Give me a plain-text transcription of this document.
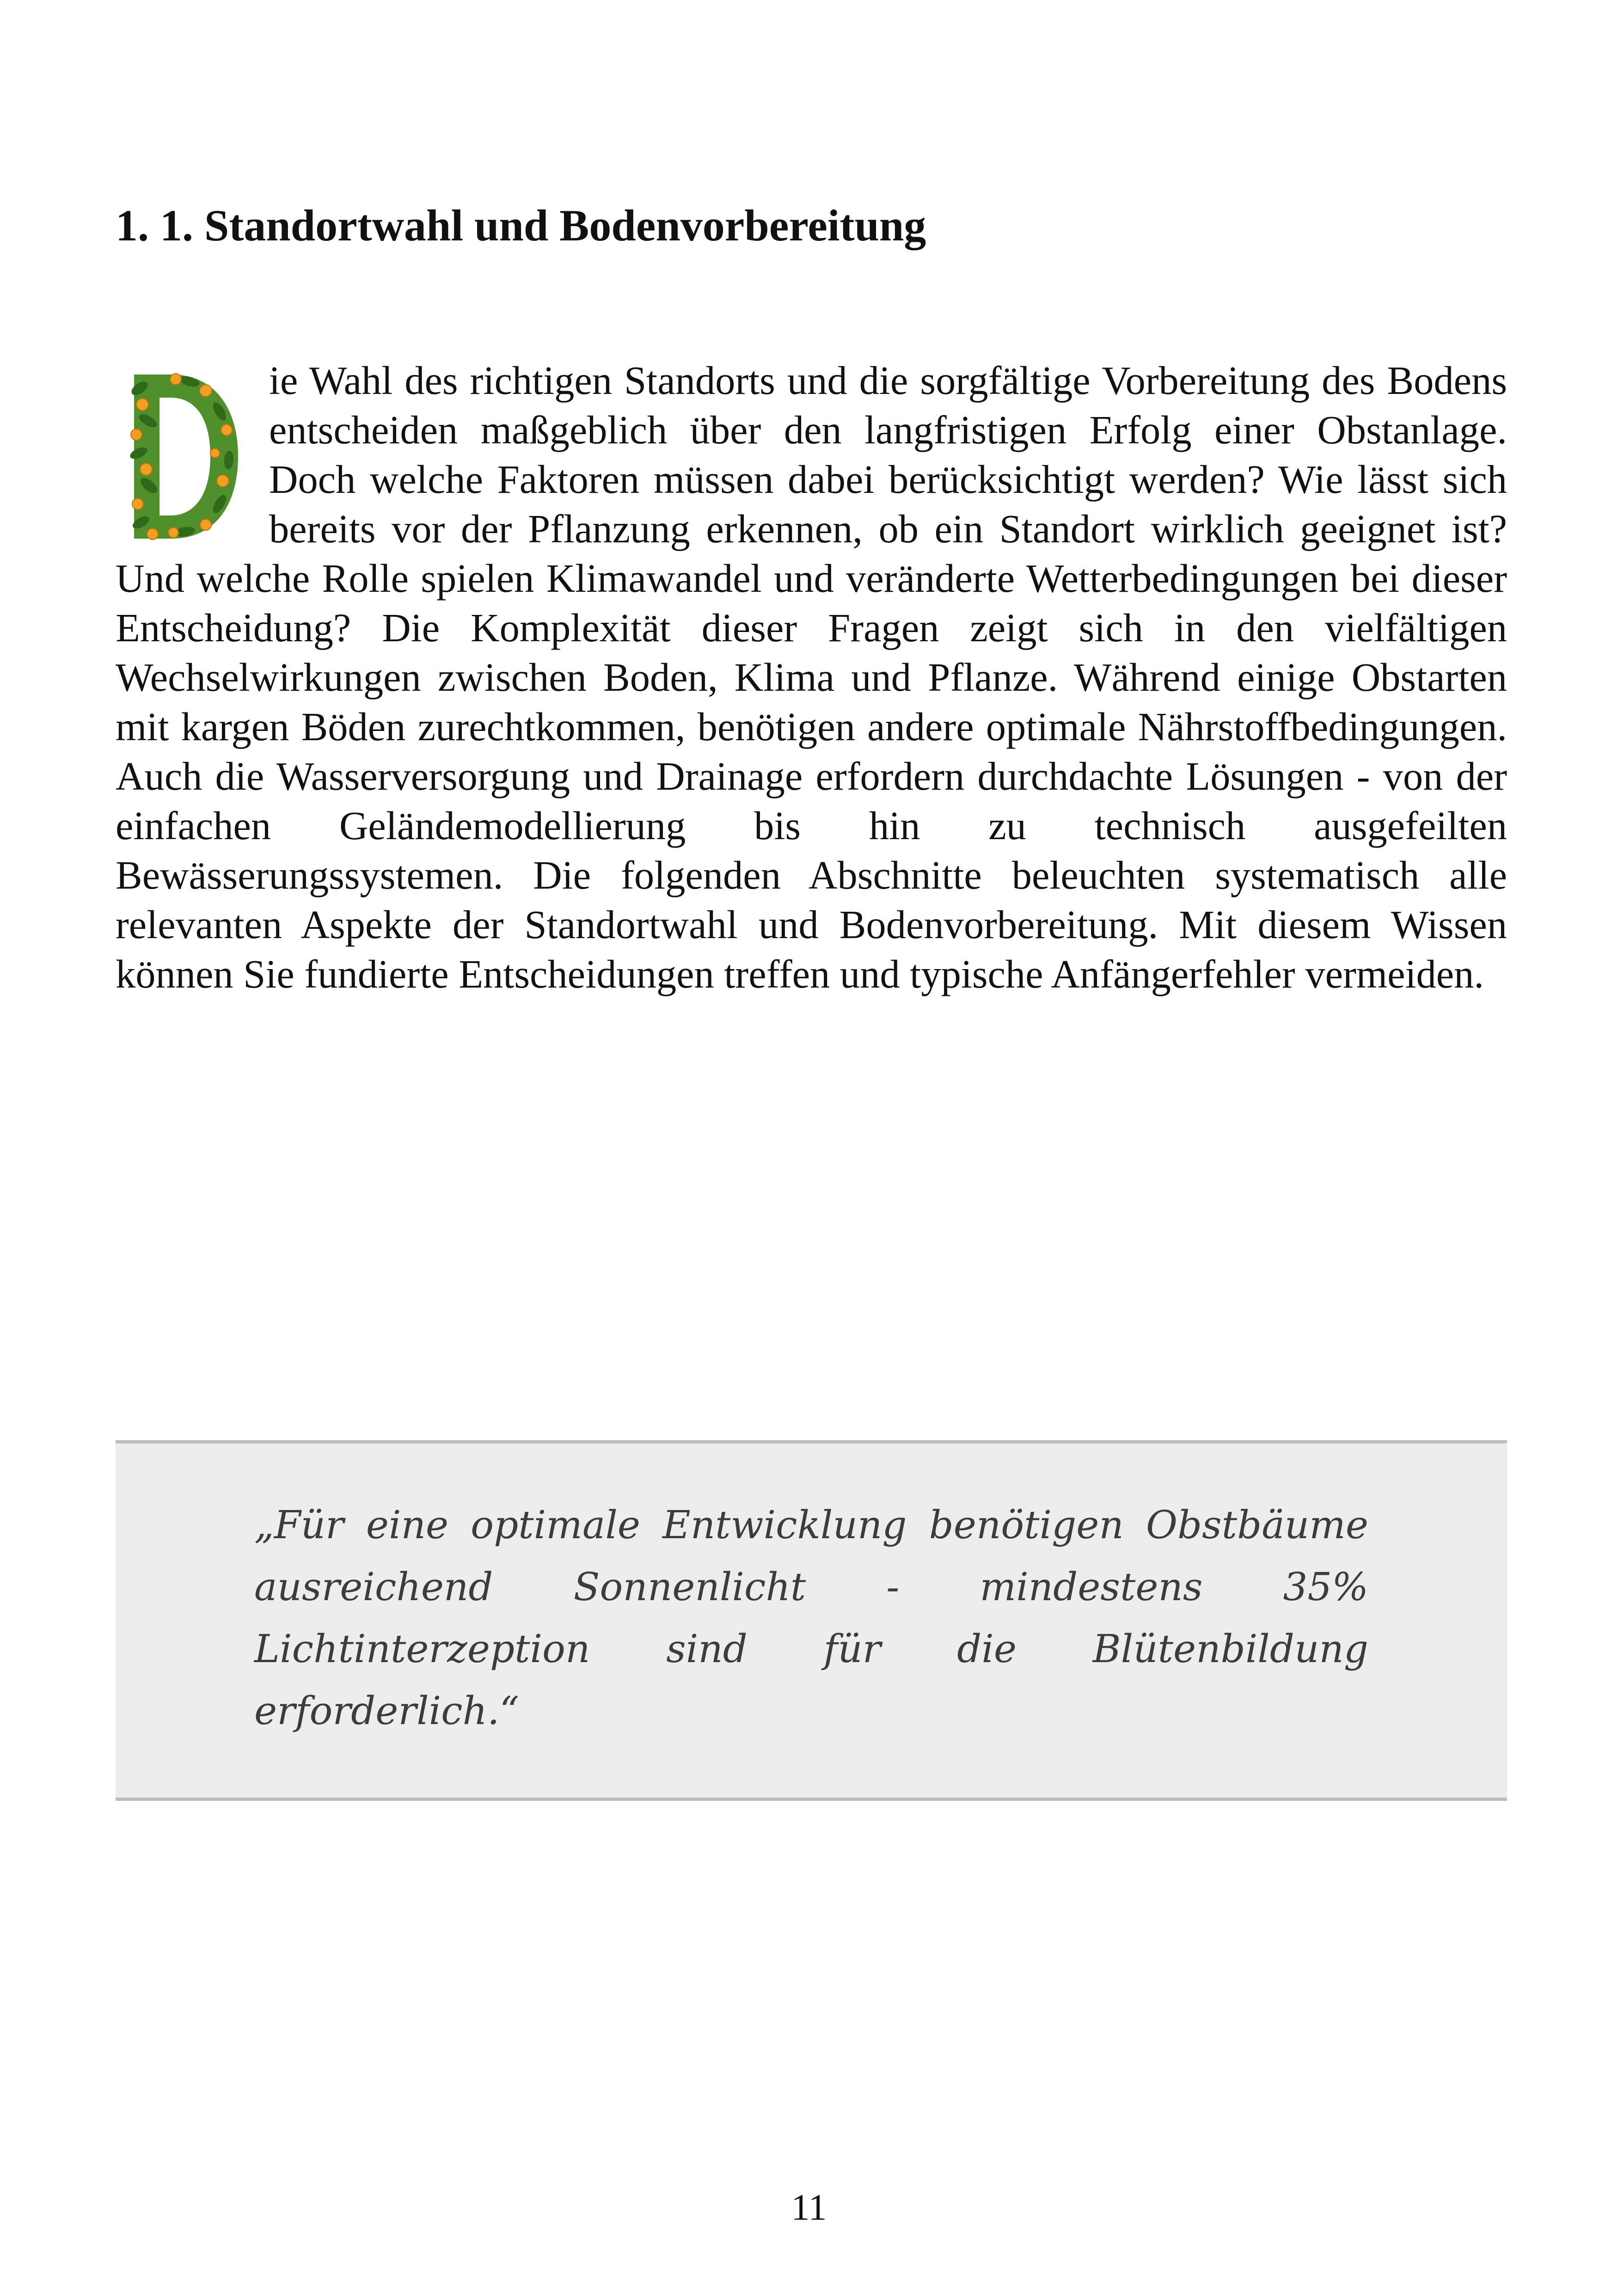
1. 1. Standortwahl und Bodenvorbereitung

ie Wahl des richtigen Standorts und die sorgfältige Vorbereitung des Bodens entscheiden maßgeblich über den langfristigen Erfolg einer Obstanlage. Doch welche Faktoren müssen dabei berücksichtigt werden? Wie lässt sich bereits vor der Pflanzung erkennen, ob ein Standort wirklich geeignet ist? Und welche Rolle spielen Klimawandel und veränderte Wetterbedingungen bei dieser Entscheidung? Die Komplexität dieser Fragen zeigt sich in den vielfältigen Wechselwirkungen zwischen Boden, Klima und Pflanze. Während einige Obstarten mit kargen Böden zurechtkommen, benötigen andere optimale Nährstoffbedingungen. Auch die Wasserversorgung und Drainage erfordern durchdachte Lösungen - von der einfachen Geländemodellierung bis hin zu technisch ausgefeilten Bewässerungssystemen. Die folgenden Abschnitte beleuchten systematisch alle relevanten Aspekte der Standortwahl und Bodenvorbereitung. Mit diesem Wissen können Sie fundierte Entscheidungen treffen und typische Anfängerfehler vermeiden.

„Für eine optimale Entwicklung benötigen Obstbäume ausreichend Sonnenlicht - mindestens 35% Lichtinterzeption sind für die Blütenbildung erforderlich.“

11
